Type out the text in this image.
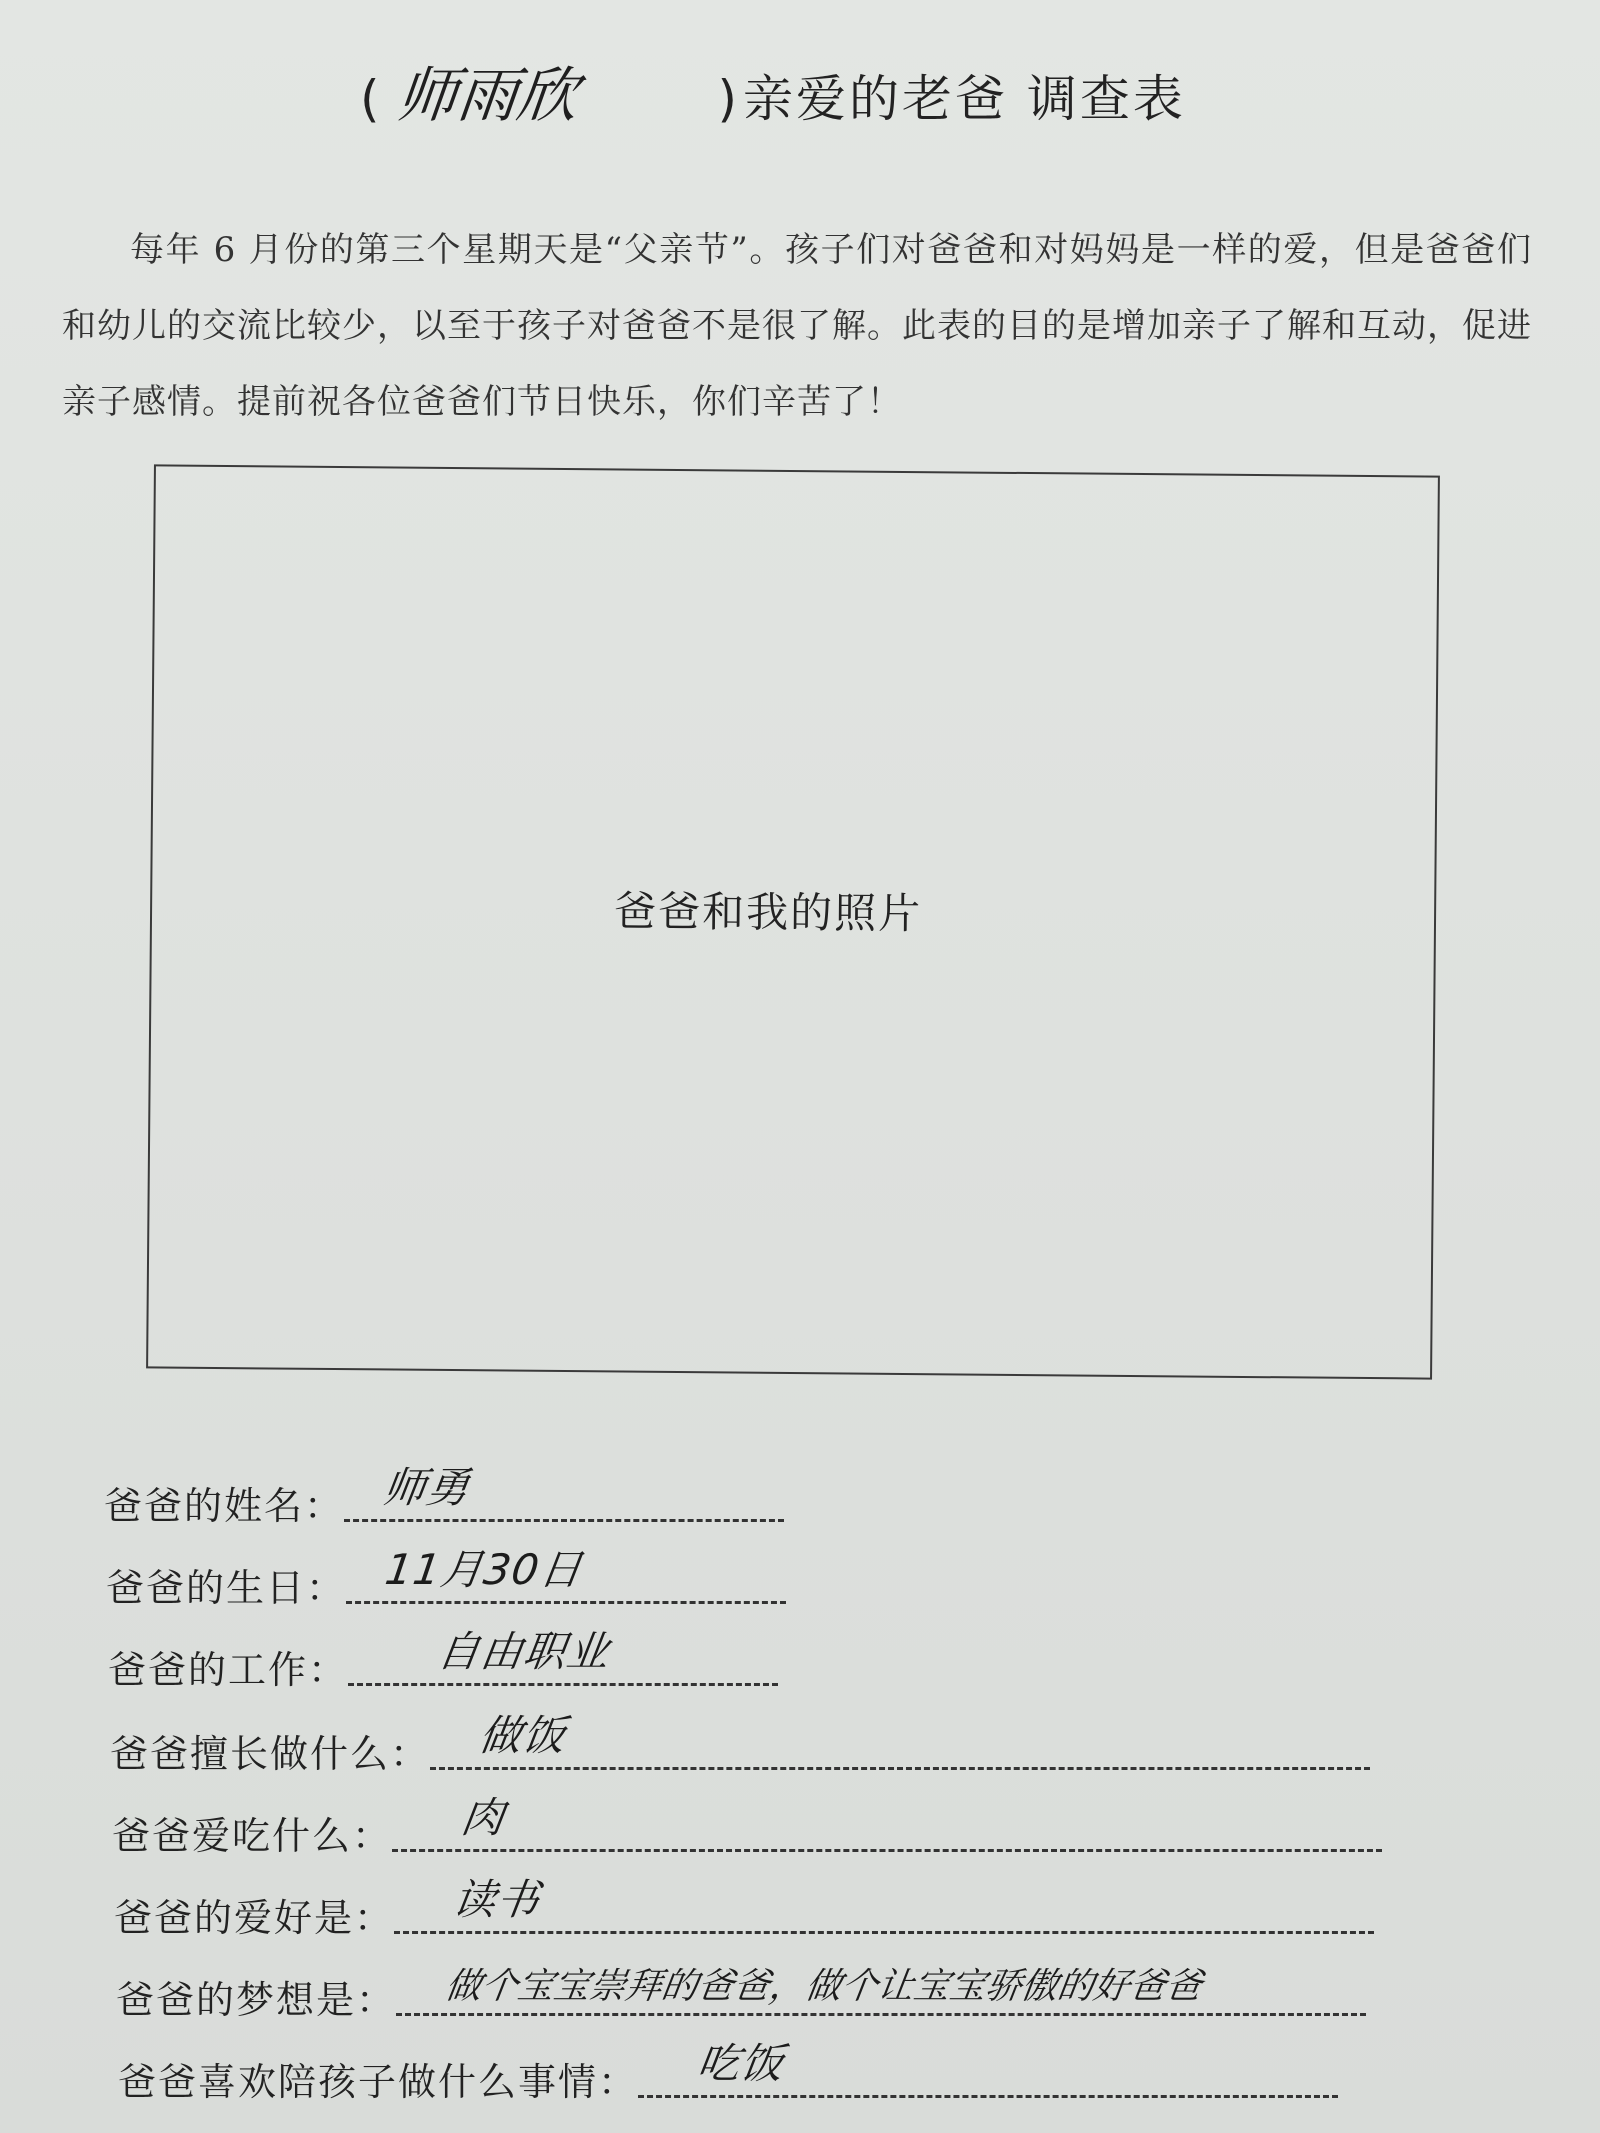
( 师雨欣	) 亲爱的老爸 调查表
每年 6 月份的第三个星期天是“父亲节”。孩子们对爸爸和对妈妈是一样的爱，但是爸爸们和幼儿的交流比较少，以至于孩子对爸爸不是很了解。此表的目的是增加亲子了解和互动，促进亲子感情。提前祝各位爸爸们节日快乐，你们辛苦了！
爸爸和我的照片
爸爸的姓名： 师勇
爸爸的生日： 11月30日
爸爸的工作： 自由职业
爸爸擅长做什么： 做饭
爸爸爱吃什么： 肉
爸爸的爱好是： 读书
爸爸的梦想是： 做个宝宝崇拜的爸爸，做个让宝宝骄傲的好爸爸
爸爸喜欢陪孩子做什么事情： 吃饭
